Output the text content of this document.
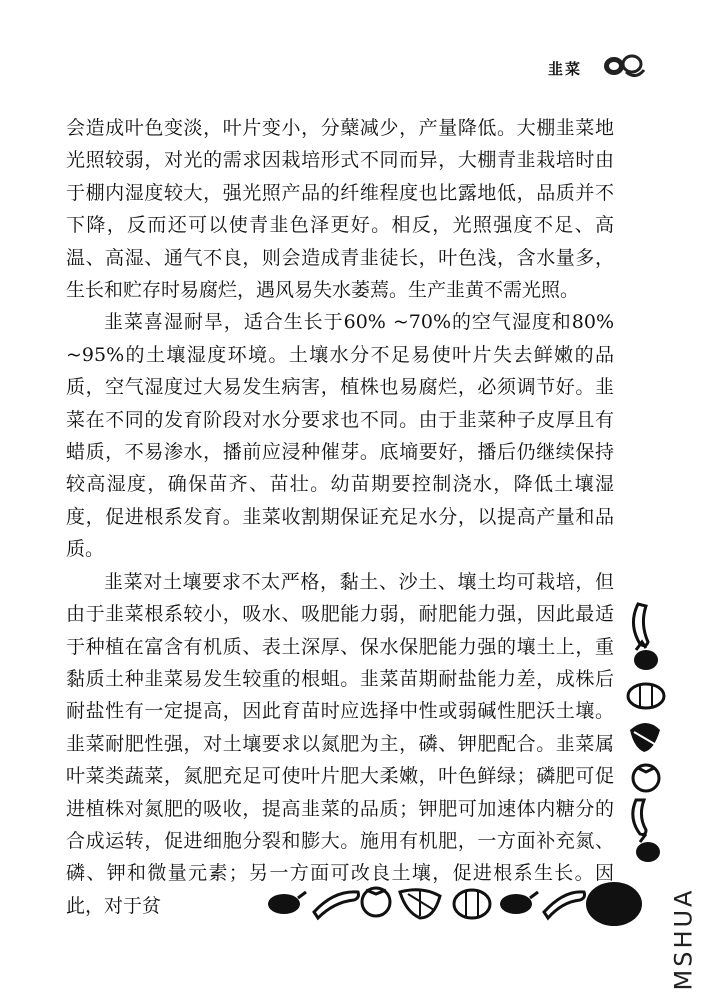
韭菜

会造成叶色变淡，叶片变小，分蘖减少，产量降低。大棚韭菜地光照较弱，对光的需求因栽培形式不同而异，大棚青韭栽培时由于棚内湿度较大，强光照产品的纤维程度也比露地低，品质并不下降，反而还可以使青韭色泽更好。相反，光照强度不足、高温、高湿、通气不良，则会造成青韭徒长，叶色浅，含水量多，生长和贮存时易腐烂，遇风易失水萎蔫。生产韭黄不需光照。

韭菜喜湿耐旱，适合生长于60% ~70%的空气湿度和80% ~95%的土壤湿度环境。土壤水分不足易使叶片失去鲜嫩的品质，空气湿度过大易发生病害，植株也易腐烂，必须调节好。韭菜在不同的发育阶段对水分要求也不同。由于韭菜种子皮厚且有蜡质，不易渗水，播前应浸种催芽。底墒要好，播后仍继续保持较高湿度，确保苗齐、苗壮。幼苗期要控制浇水，降低土壤湿度，促进根系发育。韭菜收割期保证充足水分，以提高产量和品质。

韭菜对土壤要求不太严格，黏土、沙土、壤土均可栽培，但由于韭菜根系较小，吸水、吸肥能力弱，耐肥能力强，因此最适于种植在富含有机质、表土深厚、保水保肥能力强的壤土上，重黏质土种韭菜易发生较重的根蛆。韭菜苗期耐盐能力差，成株后耐盐性有一定提高，因此育苗时应选择中性或弱碱性肥沃土壤。韭菜耐肥性强，对土壤要求以氮肥为主，磷、钾肥配合。韭菜属叶菜类蔬菜，氮肥充足可使叶片肥大柔嫩，叶色鲜绿；磷肥可促进植株对氮肥的吸收，提高韭菜的品质；钾肥可加速体内糖分的合成运转，促进细胞分裂和膨大。施用有机肥，一方面补充氮、磷、钾和微量元素；另一方面可改良土壤，促进根系生长。因此，对于贫	MSHUA
